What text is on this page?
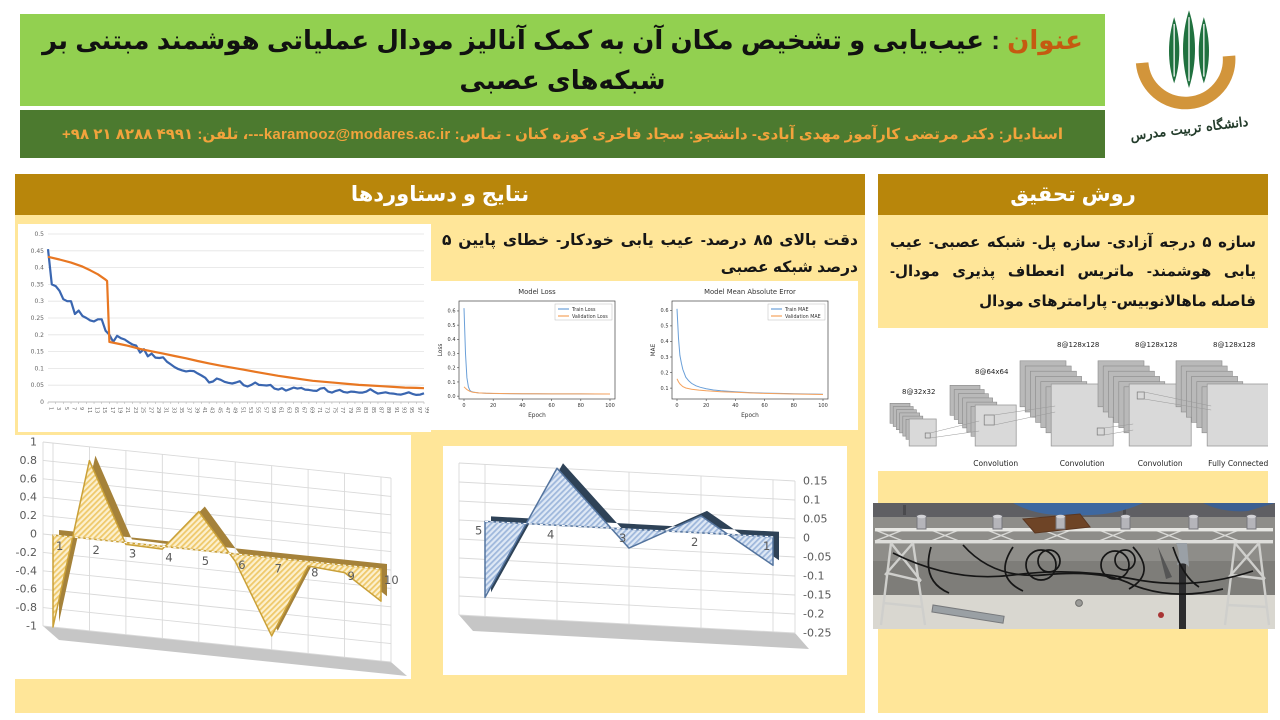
عنوان : عیب‌یابی و تشخیص مکان آن به کمک آنالیز مودال عملیاتی هوشمند مبتنی بر شبکه‌های عصبی
دانشگاه تربیت مدرس
استادیار: دکتر مرتضی کارآموز مهدی آبادی- دانشجو: سجاد فاخری کوزه کنان - تماس: karamooz@modares.ac.ir---، تلفن: ۴۹۹۱ ۸۲۸۸ ۲۱ ۹۸+
نتایج و دستاوردها
0
0.05
0.1
0.15
0.2
0.25
0.3
0.35
0.4
0.45
0.5
1 3 5 7 9 11 13 15 17 19 21 23 25 27 29 31 33 35 37 39 41 43 45 47 49 51 53 55 57 59 61 63 65 67 69 71 73 75 77 79 81 83 85 87 89 91 93 95 97 99
دقت بالای ۸۵ درصد- عیب یابی خودکار- خطای پایین ۵ درصد شبکه عصبی
Model Loss
0.0
0.1
0.2
0.3
0.4
0.5
0.6
0	20	40	60	80	100
Epoch
Loss
Train Loss
Validation Loss
Model Mean Absolute Error
0.1
0.2
0.3
0.4
0.5
0.6
0	20	40	60	80	100
Epoch
MAE
Train MAE
Validation MAE
1
0.8
0.6
0.4
0.2
0
-0.2
-0.4
-0.6
-0.8
-1
1	2	3	4	5	6	7	8	9	10
0.15
0.1
0.05
0
-0.05
-0.1
-0.15
-0.2
-0.25
5	4	3	2	1
روش تحقیق
سازه ۵ درجه آزادی- سازه پل- شبکه عصبی- عیب یابی هوشمند- ماتریس انعطاف پذیری مودال- فاصله ماهالانوبیس- پارامترهای مودال
8@32x32
8@64x64
8@128x128	8@128x128	8@128x128
Convolution	Convolution	Convolution	Fully Connected
